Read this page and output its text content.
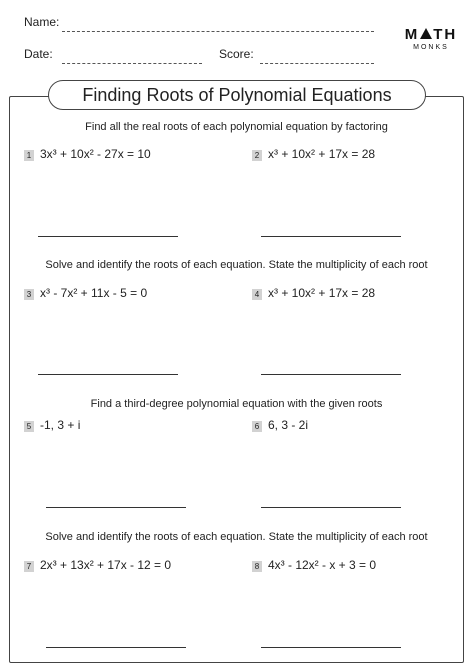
Name:
Date:	Score:
M TH
MONKS
Finding Roots of Polynomial Equations
Find all the real roots of each polynomial equation by factoring
1 3x³ + 10x² - 27x = 10	2 x³ + 10x² + 17x = 28
Solve and identify the roots of each equation. State the multiplicity of each root
3 x³ - 7x² + 11x - 5 = 0	4 x³ + 10x² + 17x = 28
Find a third-degree polynomial equation with the given roots
5 -1, 3 + i	6 6, 3 - 2i
Solve and identify the roots of each equation. State the multiplicity of each root
7 2x³ + 13x² + 17x - 12 = 0	8 4x³ - 12x² - x + 3 = 0
